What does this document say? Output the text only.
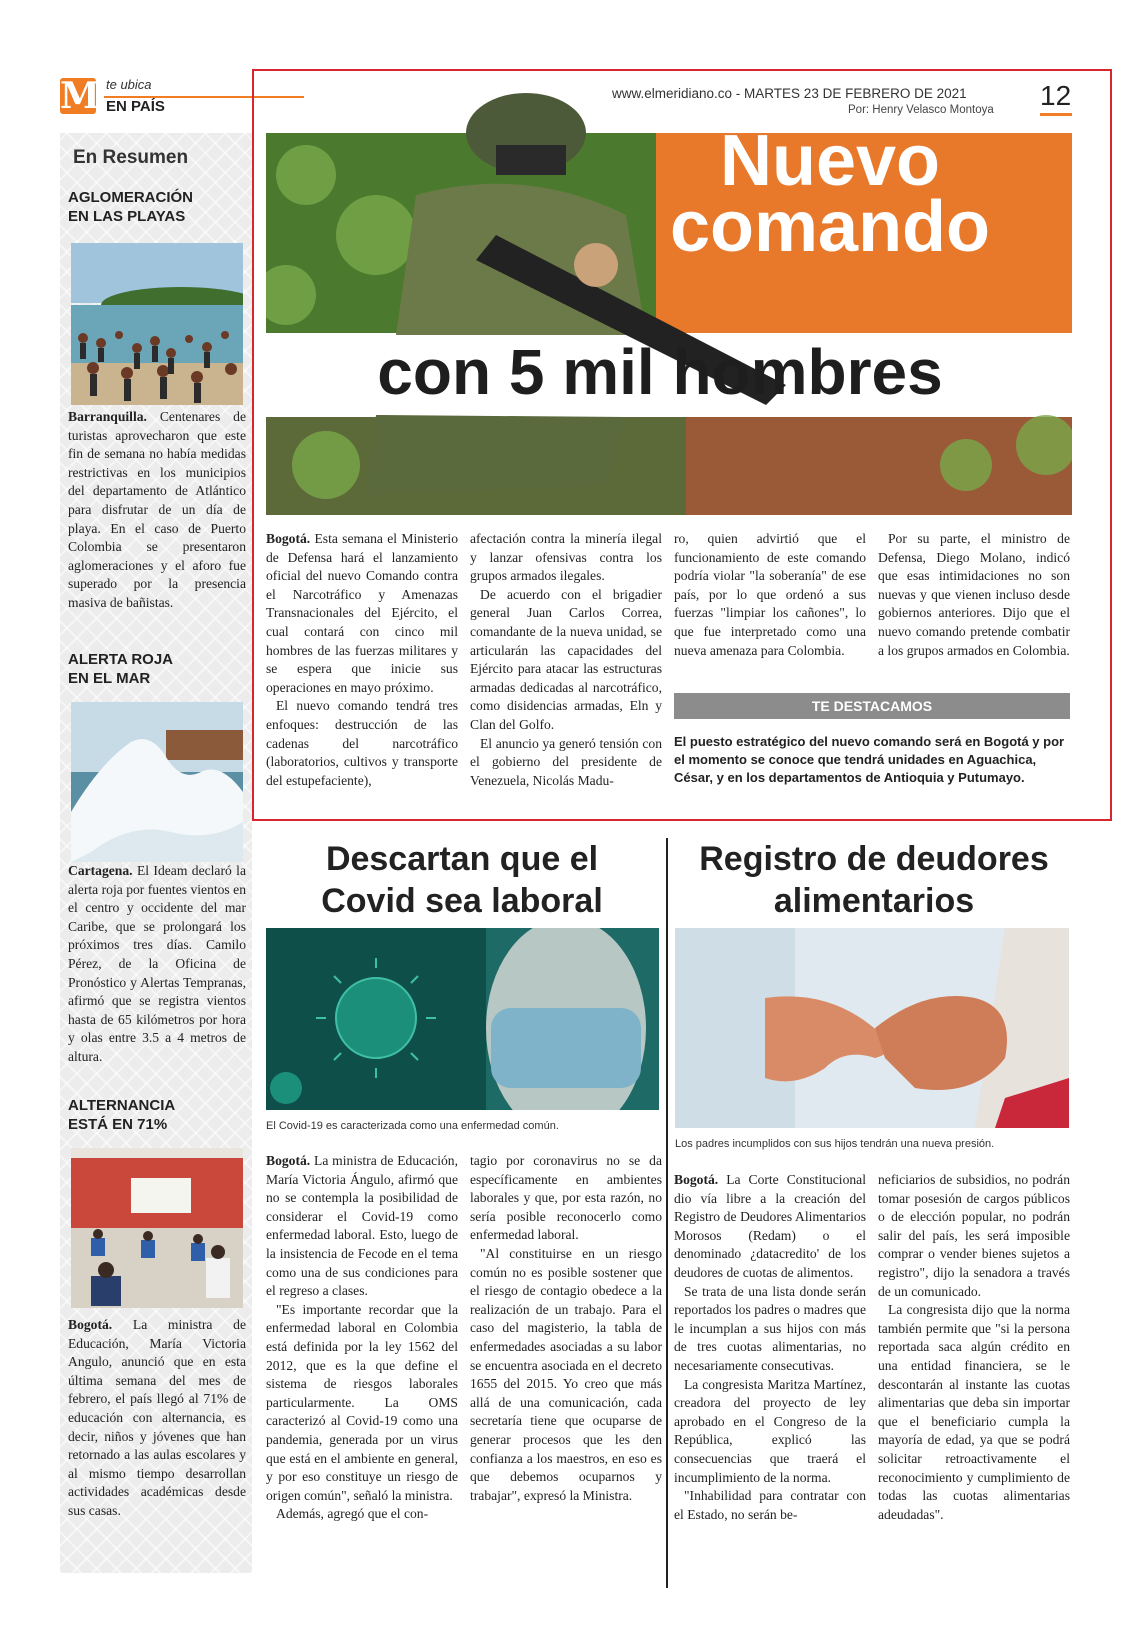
M te ubica
EN PAÍS
En Resumen
AGLOMERACIÓN
EN LAS PLAYAS
Barranquilla. Centenares de turistas aprovecharon que este fin de semana no había medidas restrictivas en los municipios del departamento de Atlántico para disfrutar de un día de playa. En el caso de Puerto Colombia se presentaron aglomeraciones y el aforo fue superado por la presencia masiva de bañistas.
ALERTA ROJA
EN EL MAR
Cartagena. El Ideam declaró la alerta roja por fuentes vientos en el centro y occidente del mar Caribe, que se prolongará los próximos tres días. Camilo Pérez, de la Oficina de Pronóstico y Alertas Tempranas, afirmó que se registra vientos hasta de 65 kilómetros por hora y olas entre 3.5 a 4 metros de altura.
ALTERNANCIA
ESTÁ EN 71%
Bogotá. La ministra de Educación, María Victoria Angulo, anunció que en esta última semana del mes de febrero, el país llegó al 71% de educación con alternancia, es decir, niños y jóvenes que han retornado a las aulas escolares y al mismo tiempo desarrollan actividades académicas desde sus casas.
www.elmeridiano.co - MARTES 23 DE FEBRERO DE 2021
Por: Henry Velasco Montoya 12
Nuevo
comando
con 5 mil hombres

Bogotá. Esta semana el Ministerio de Defensa hará el lanzamiento oficial del nuevo Comando contra el Narcotráfico y Amenazas Transnacionales del Ejército, el cual contará con cinco mil hombres de las fuerzas militares y se espera que inicie sus operaciones en mayo próximo.

El nuevo comando tendrá tres enfoques: destrucción de las cadenas del narcotráfico (laboratorios, cultivos y transporte del estupefaciente),

afectación contra la minería ilegal y lanzar ofensivas contra los grupos armados ilegales.

De acuerdo con el brigadier general Juan Carlos Correa, comandante de la nueva unidad, se articularán las capacidades del Ejército para atacar las estructuras armadas dedicadas al narcotráfico, como disidencias armadas, Eln y Clan del Golfo.

El anuncio ya generó tensión con el gobierno del presidente de Venezuela, Nicolás Madu-

ro, quien advirtió que el funcionamiento de este comando podría violar "la soberanía" de ese país, por lo que ordenó a sus fuerzas "limpiar los cañones", lo que fue interpretado como una nueva amenaza para Colombia.

Por su parte, el ministro de Defensa, Diego Molano, indicó que esas intimidaciones no son nuevas y que vienen incluso desde gobiernos anteriores. Dijo que el nuevo comando pretende combatir a los grupos armados en Colombia.

TE DESTACAMOS
El puesto estratégico del nuevo comando será en Bogotá y por el momento se conoce que tendrá unidades en Aguachica, César, y en los departamentos de Antioquia y Putumayo.
Descartan que el
Covid sea laboral
El Covid-19 es caracterizada como una enfermedad común.

Bogotá. La ministra de Educación, María Victoria Ángulo, afirmó que no se contempla la posibilidad de considerar el Covid-19 como enfermedad laboral. Esto, luego de la insistencia de Fecode en el tema como una de sus condiciones para el regreso a clases.

"Es importante recordar que la enfermedad laboral en Colombia está definida por la ley 1562 del 2012, que es la que define el sistema de riesgos laborales particularmente. La OMS caracterizó al Covid-19 como una pandemia, generada por un virus que está en el ambiente en general, y por eso constituye un riesgo de origen común", señaló la ministra.

Además, agregó que el con-

tagio por coronavirus no se da específicamente en ambientes laborales y que, por esta razón, no sería posible reconocerlo como enfermedad laboral.

"Al constituirse en un riesgo común no es posible sostener que el riesgo de contagio obedece a la realización de un trabajo. Para el caso del magisterio, la tabla de enfermedades asociadas a su labor se encuentra asociada en el decreto 1655 del 2015. Yo creo que más allá de una comunicación, cada secretaría tiene que ocuparse de generar procesos que les den confianza a los maestros, en eso es que debemos ocuparnos y trabajar", expresó la Ministra.

Registro de deudores
alimentarios
Los padres incumplidos con sus hijos tendrán una nueva presión.

Bogotá. La Corte Constitucional dio vía libre a la creación del Registro de Deudores Alimentarios Morosos (Redam) o el denominado ¿datacredito' de los deudores de cuotas de alimentos.

Se trata de una lista donde serán reportados los padres o madres que le incumplan a sus hijos con más de tres cuotas alimentarias, no necesariamente consecutivas.

La congresista Maritza Martínez, creadora del proyecto de ley aprobado en el Congreso de la República, explicó las consecuencias que traerá el incumplimiento de la norma.

"Inhabilidad para contratar con el Estado, no serán be-

neficiarios de subsidios, no podrán tomar posesión de cargos públicos o de elección popular, no podrán salir del país, les será imposible comprar o vender bienes sujetos a registro", dijo la senadora a través de un comunicado.

La congresista dijo que la norma también permite que "si la persona reportada saca algún crédito en una entidad financiera, se le descontarán al instante las cuotas alimentarias que deba sin importar que el beneficiario cumpla la mayoría de edad, ya que se podrá solicitar retroactivamente el reconocimiento y cumplimiento de todas las cuotas alimentarias adeudadas".
